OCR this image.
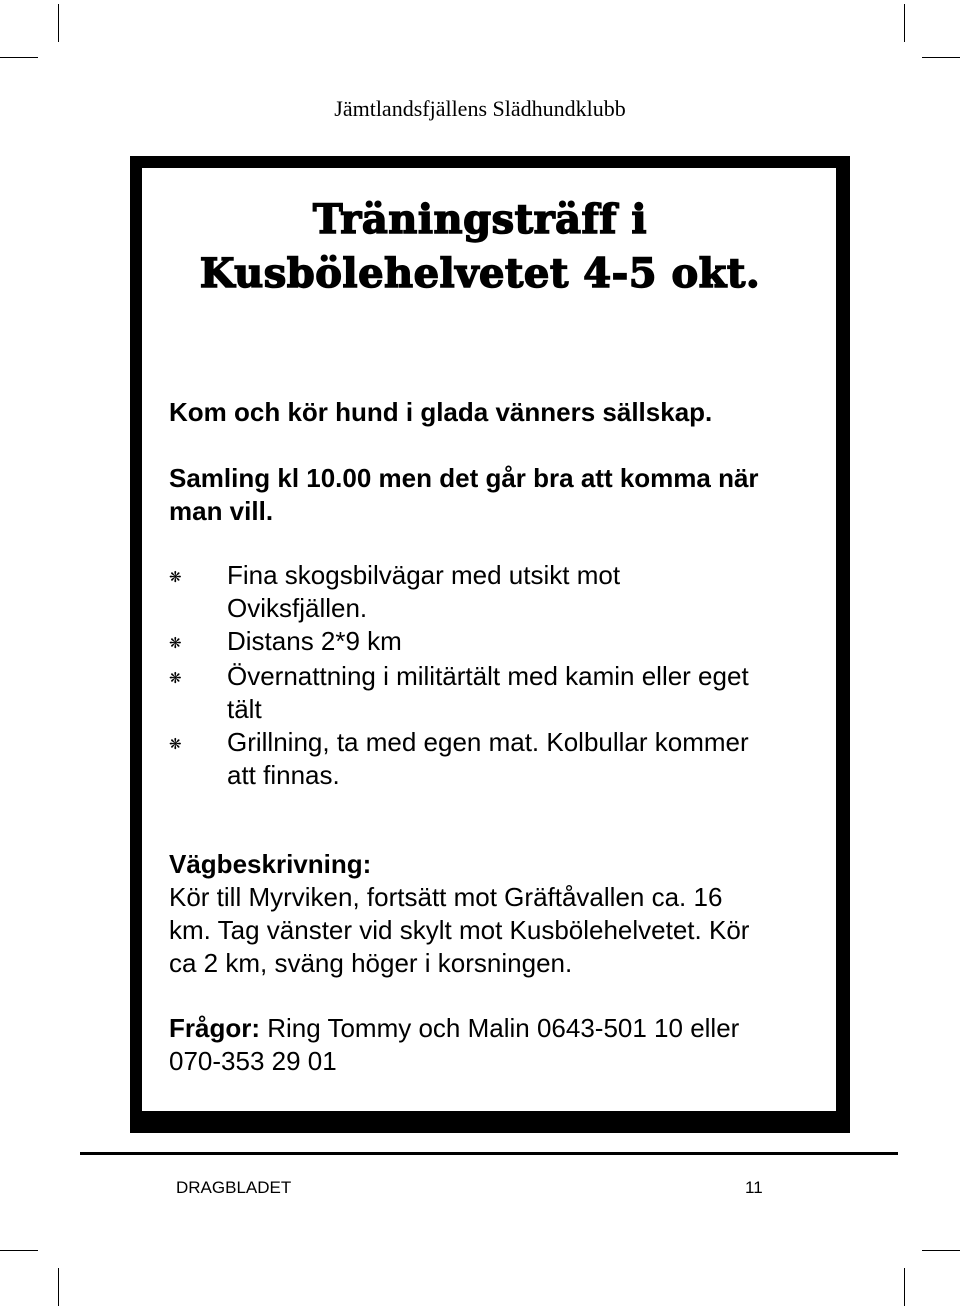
Jämtlandsfjällens Slädhundklubb
Träningsträff i
Kusbölehelvetet 4-5 okt.
Kom och kör hund i glada vänners sällskap.
Samling kl 10.00 men det går bra att komma när
man vill.
❋	Fina skogsbilvägar med utsikt mot
Oviksfjällen.
❋	Distans 2*9 km
❋	Övernattning i militärtält med kamin eller eget
tält
❋	Grillning, ta med egen mat. Kolbullar kommer
att finnas.
Vägbeskrivning:
Kör till Myrviken, fortsätt mot Gräftåvallen ca. 16
km. Tag vänster vid skylt mot Kusbölehelvetet. Kör
ca 2 km, sväng höger i korsningen.
Frågor: Ring Tommy och Malin 0643-501 10 eller
070-353 29 01
DRAGBLADET	11
